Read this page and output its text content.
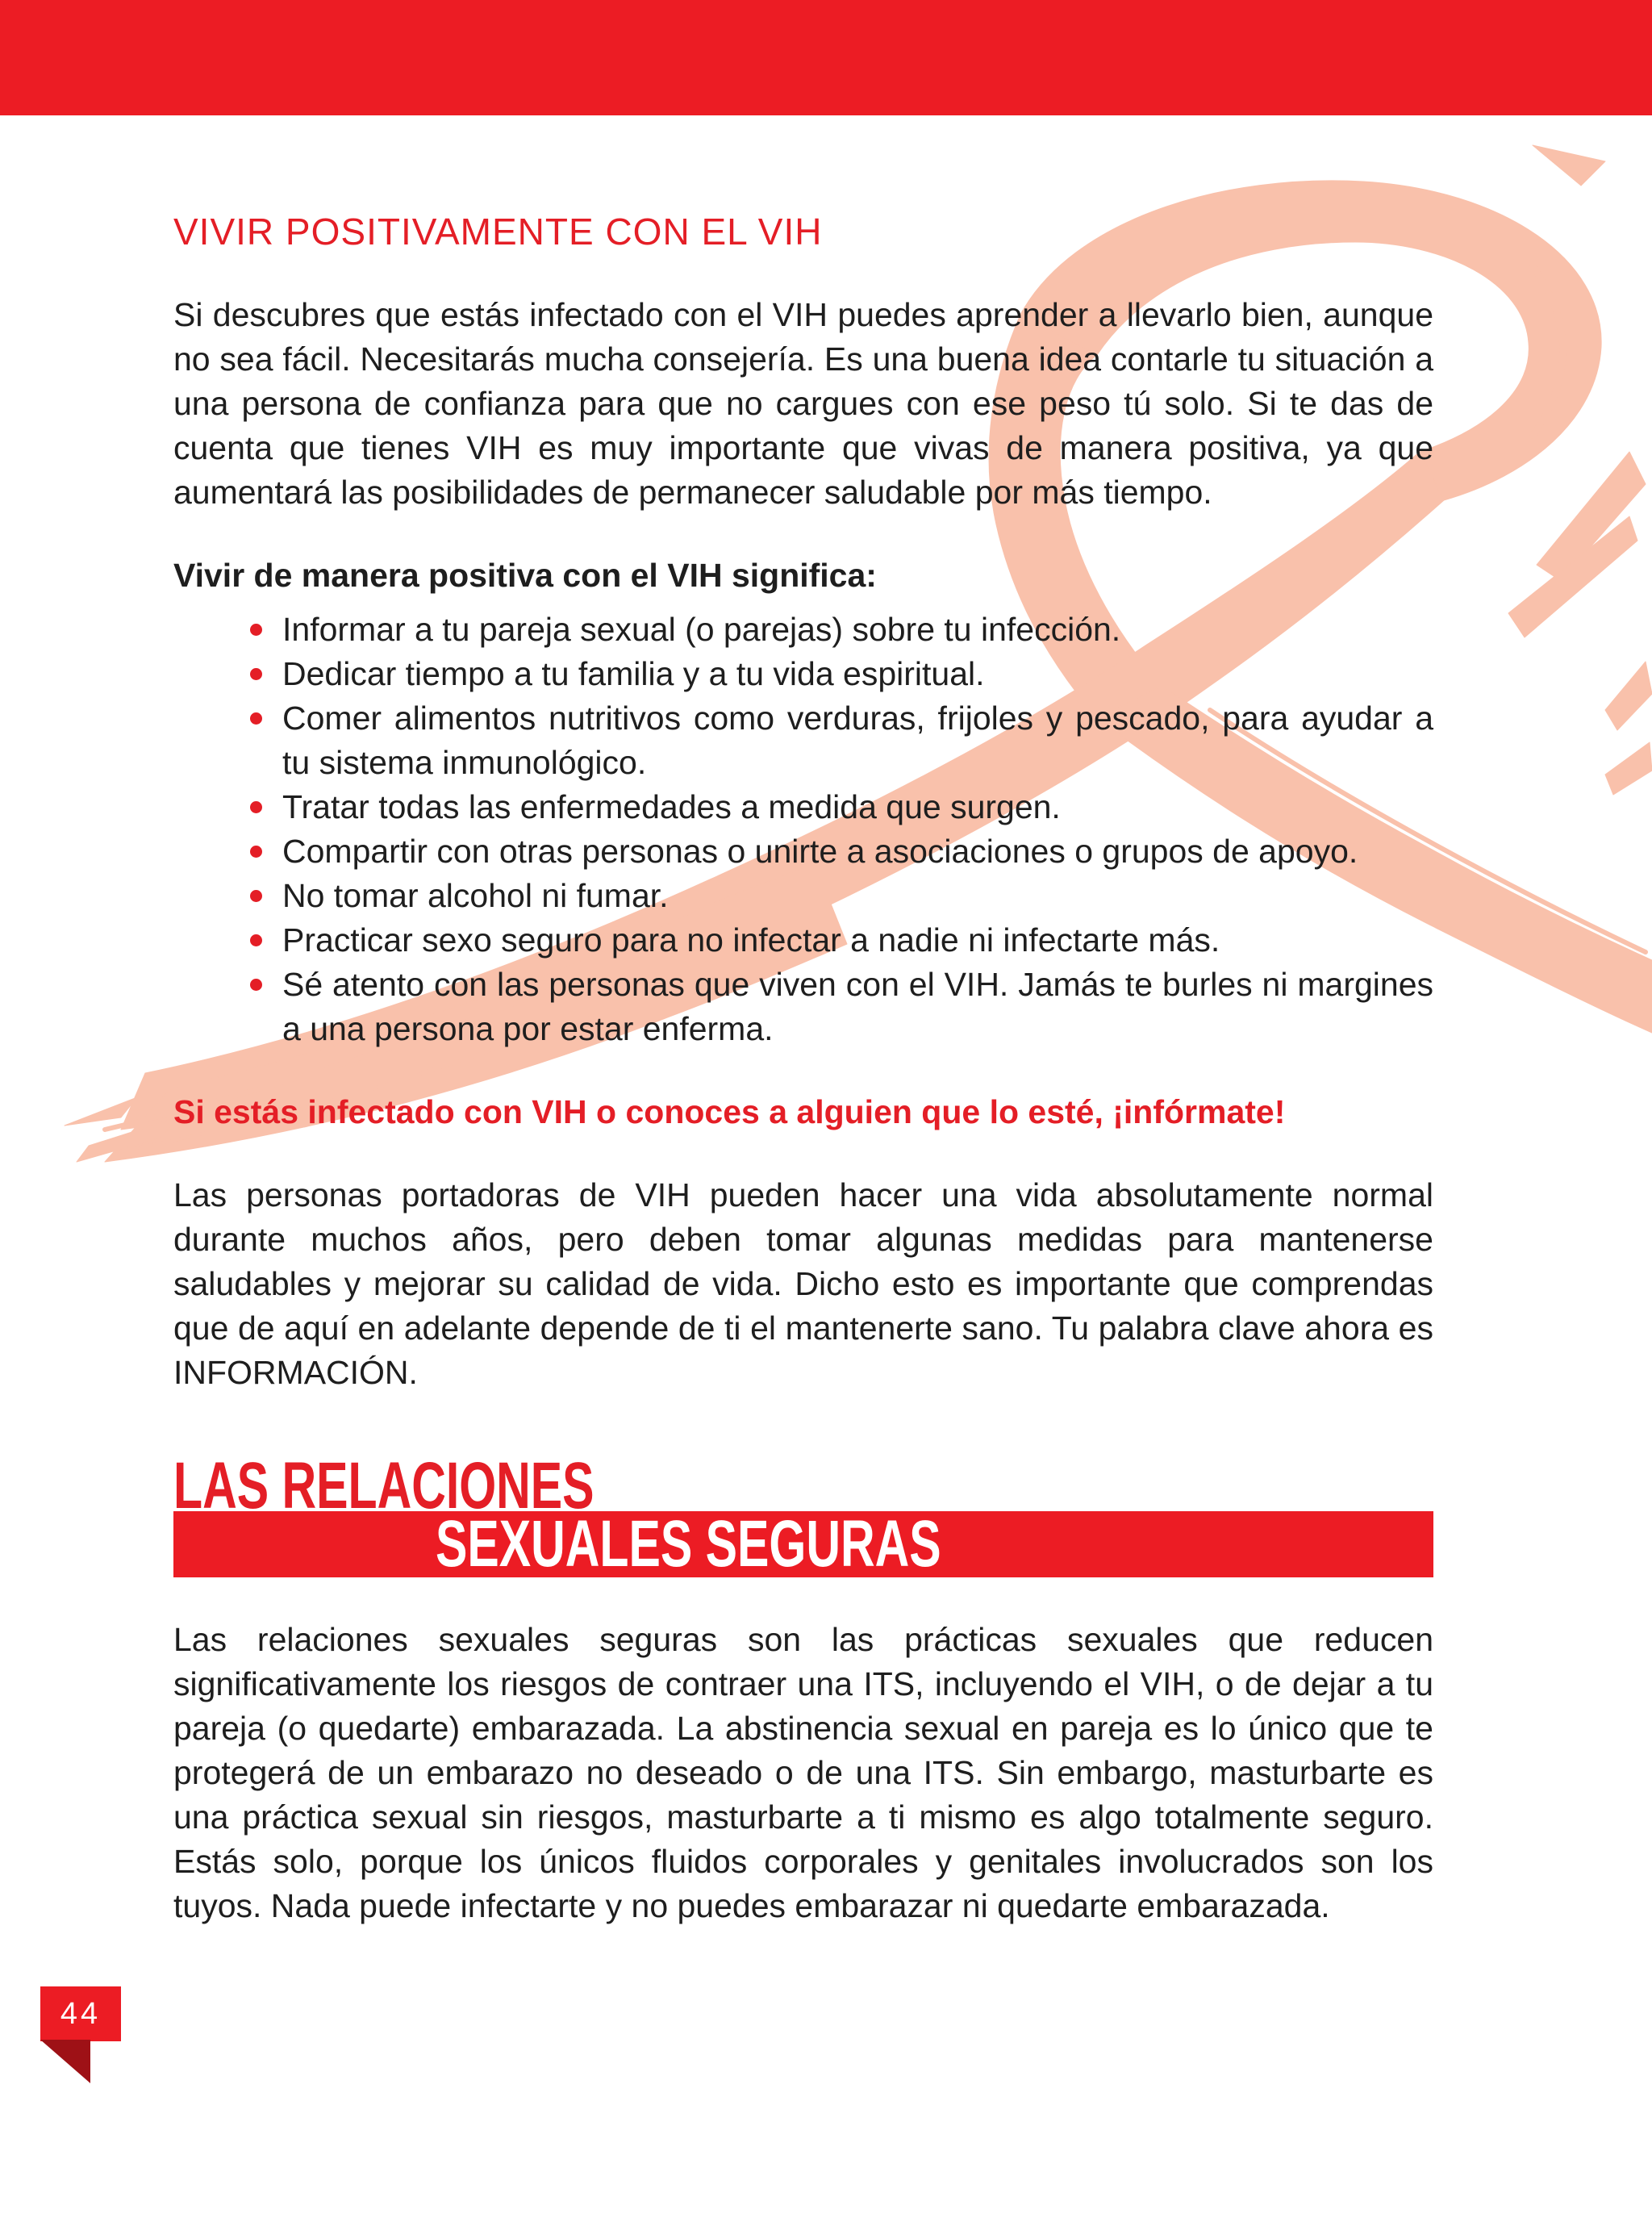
VIVIR POSITIVAMENTE CON EL VIH

Si descubres que estás infectado con el VIH puedes aprender a llevarlo bien, aunque no sea fácil. Necesitarás mucha consejería. Es una buena idea contarle tu situación a una persona de confianza para que no cargues con ese peso tú solo. Si te das de cuenta que tienes VIH es muy importante que vivas de manera positiva, ya que aumentará las posibilidades de permanecer saludable por más tiempo.

Vivir de manera positiva con el VIH significa:

Informar a tu pareja sexual (o parejas) sobre tu infección.
Dedicar tiempo a tu familia y a tu vida espiritual.
Comer alimentos nutritivos como verduras, frijoles y pescado, para ayudar a tu sistema inmunológico.
Tratar todas las enfermedades a medida que surgen.
Compartir con otras personas o unirte a asociaciones o grupos de apoyo.
No tomar alcohol ni fumar.
Practicar sexo seguro para no infectar a nadie ni infectarte más.
Sé atento con las personas que viven con el VIH. Jamás te burles ni margines a una persona por estar enferma.

Si estás infectado con VIH o conoces a alguien que lo esté, ¡infórmate!

Las personas portadoras de VIH pueden hacer una vida absolutamente normal durante muchos años, pero deben tomar algunas medidas para mantenerse saludables y mejorar su calidad de vida. Dicho esto es importante que comprendas que de aquí en adelante depende de ti el mantenerte sano. Tu palabra clave ahora es INFORMACIÓN.

LAS RELACIONES
SEXUALES SEGURAS

Las relaciones sexuales seguras son las prácticas sexuales que reducen significativamente los riesgos de contraer una ITS, incluyendo el VIH, o de dejar a tu pareja (o quedarte) embarazada. La abstinencia sexual en pareja es lo único que te protegerá de un embarazo no deseado o de una ITS. Sin embargo, masturbarte es una práctica sexual sin riesgos, masturbarte a ti mismo es algo totalmente seguro. Estás solo, porque los únicos fluidos corporales y genitales involucrados son los tuyos. Nada puede infectarte y no puedes embarazar ni quedarte embarazada.

44
